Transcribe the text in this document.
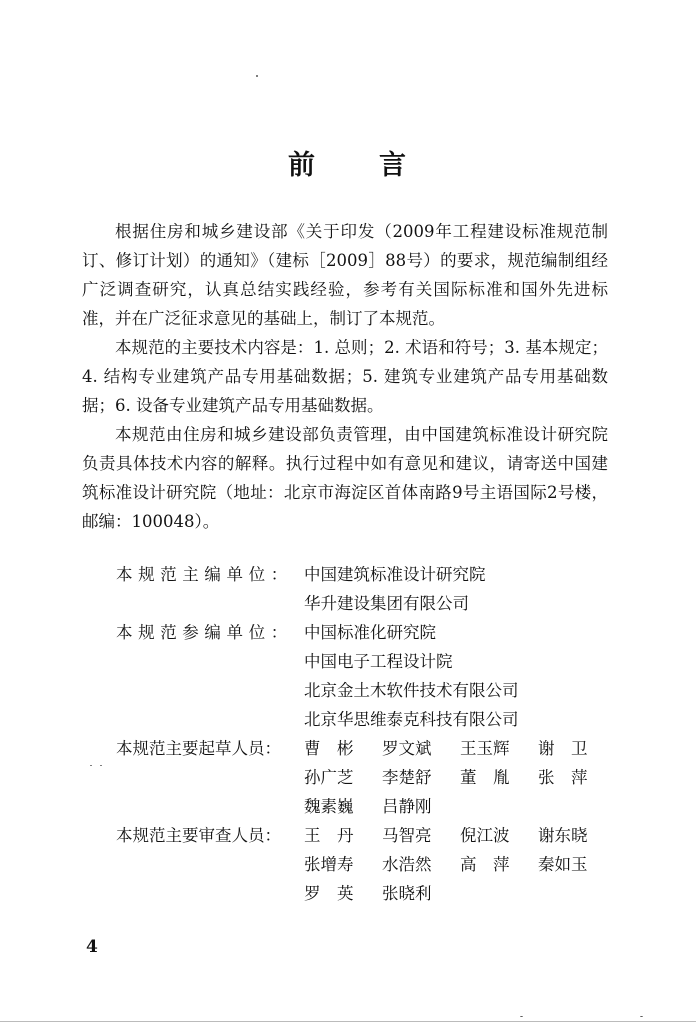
前 言

根据住房和城乡建设部《关于印发（2009年工程建设标准规范制订、修订计划）的通知》（建标［2009］88号）的要求，规范编制组经广泛调查研究，认真总结实践经验，参考有关国际标准和国外先进标准，并在广泛征求意见的基础上，制订了本规范。

本规范的主要技术内容是：1. 总则；2. 术语和符号；3. 基本规定；4. 结构专业建筑产品专用基础数据；5. 建筑专业建筑产品专用基础数据；6. 设备专业建筑产品专用基础数据。

本规范由住房和城乡建设部负责管理，由中国建筑标准设计研究院负责具体技术内容的解释。执行过程中如有意见和建议，请寄送中国建筑标准设计研究院（地址：北京市海淀区首体南路9号主语国际2号楼，邮编：100048）。

本规范主编单位： 中国建筑标准设计研究院
华升建设集团有限公司
本规范参编单位： 中国标准化研究院
中国电子工程设计院
北京金土木软件技术有限公司
北京华思维泰克科技有限公司
本规范主要起草人员： 曹　彬	罗文斌	王玉辉	谢　卫
孙广芝	李楚舒	董　胤	张　萍
魏素巍	吕静刚
本规范主要审查人员： 王　丹	马智亮	倪江波	谢东晓
张增寿	水浩然	高　萍	秦如玉
罗　英	张晓利
4
